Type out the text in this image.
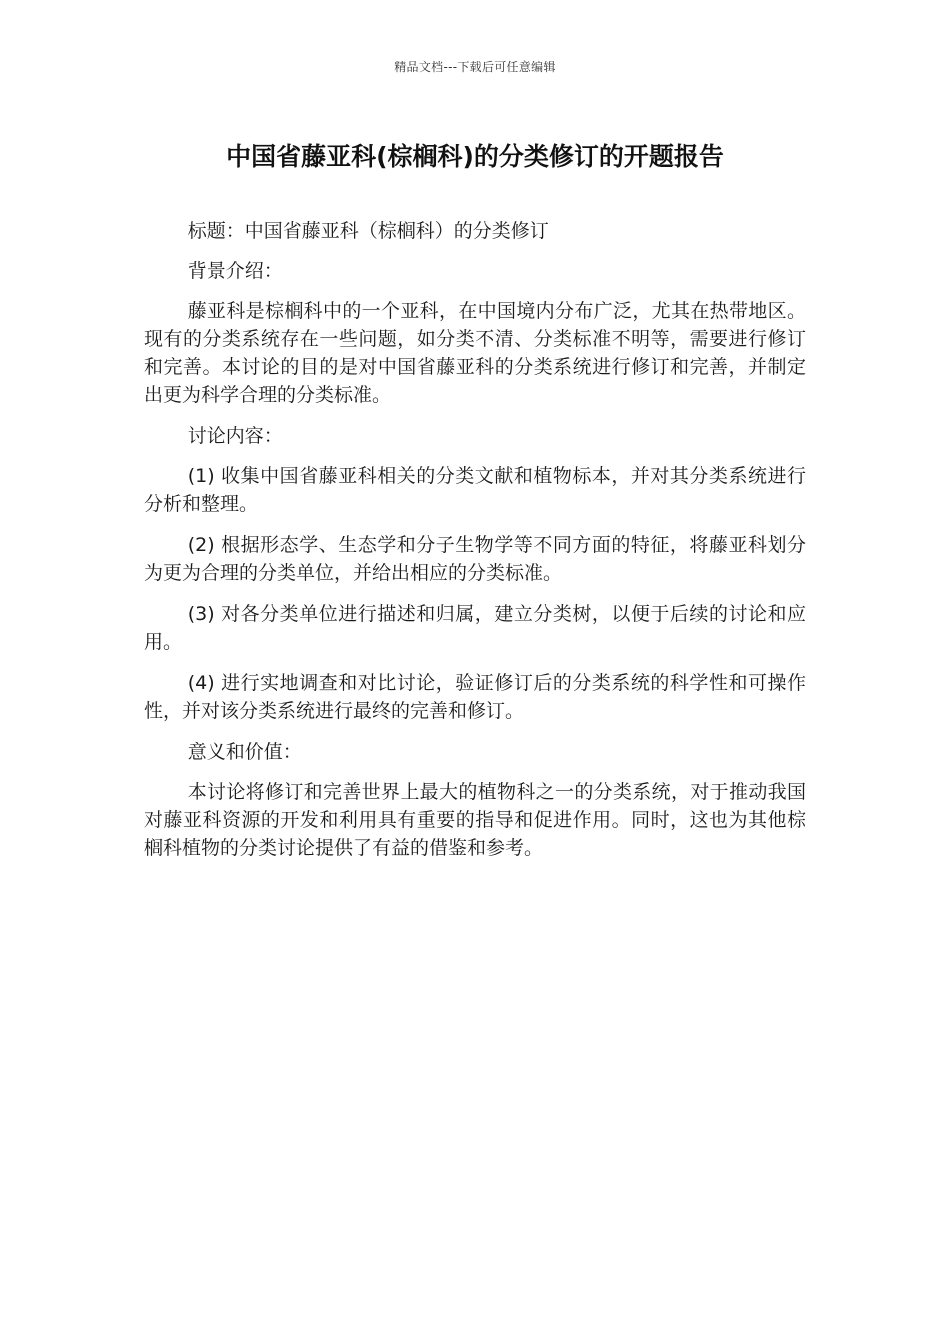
精品文档---下载后可任意编辑
中国省藤亚科(棕榈科)的分类修订的开题报告

标题：中国省藤亚科（棕榈科）的分类修订

背景介绍：

藤亚科是棕榈科中的一个亚科，在中国境内分布广泛，尤其在热带地区。现有的分类系统存在一些问题，如分类不清、分类标准不明等，需要进行修订和完善。本讨论的目的是对中国省藤亚科的分类系统进行修订和完善，并制定出更为科学合理的分类标准。

讨论内容：

(1) 收集中国省藤亚科相关的分类文献和植物标本，并对其分类系统进行分析和整理。

(2) 根据形态学、生态学和分子生物学等不同方面的特征，将藤亚科划分为更为合理的分类单位，并给出相应的分类标准。

(3) 对各分类单位进行描述和归属，建立分类树，以便于后续的讨论和应用。

(4) 进行实地调查和对比讨论，验证修订后的分类系统的科学性和可操作性，并对该分类系统进行最终的完善和修订。

意义和价值：

本讨论将修订和完善世界上最大的植物科之一的分类系统，对于推动我国对藤亚科资源的开发和利用具有重要的指导和促进作用。同时，这也为其他棕榈科植物的分类讨论提供了有益的借鉴和参考。
